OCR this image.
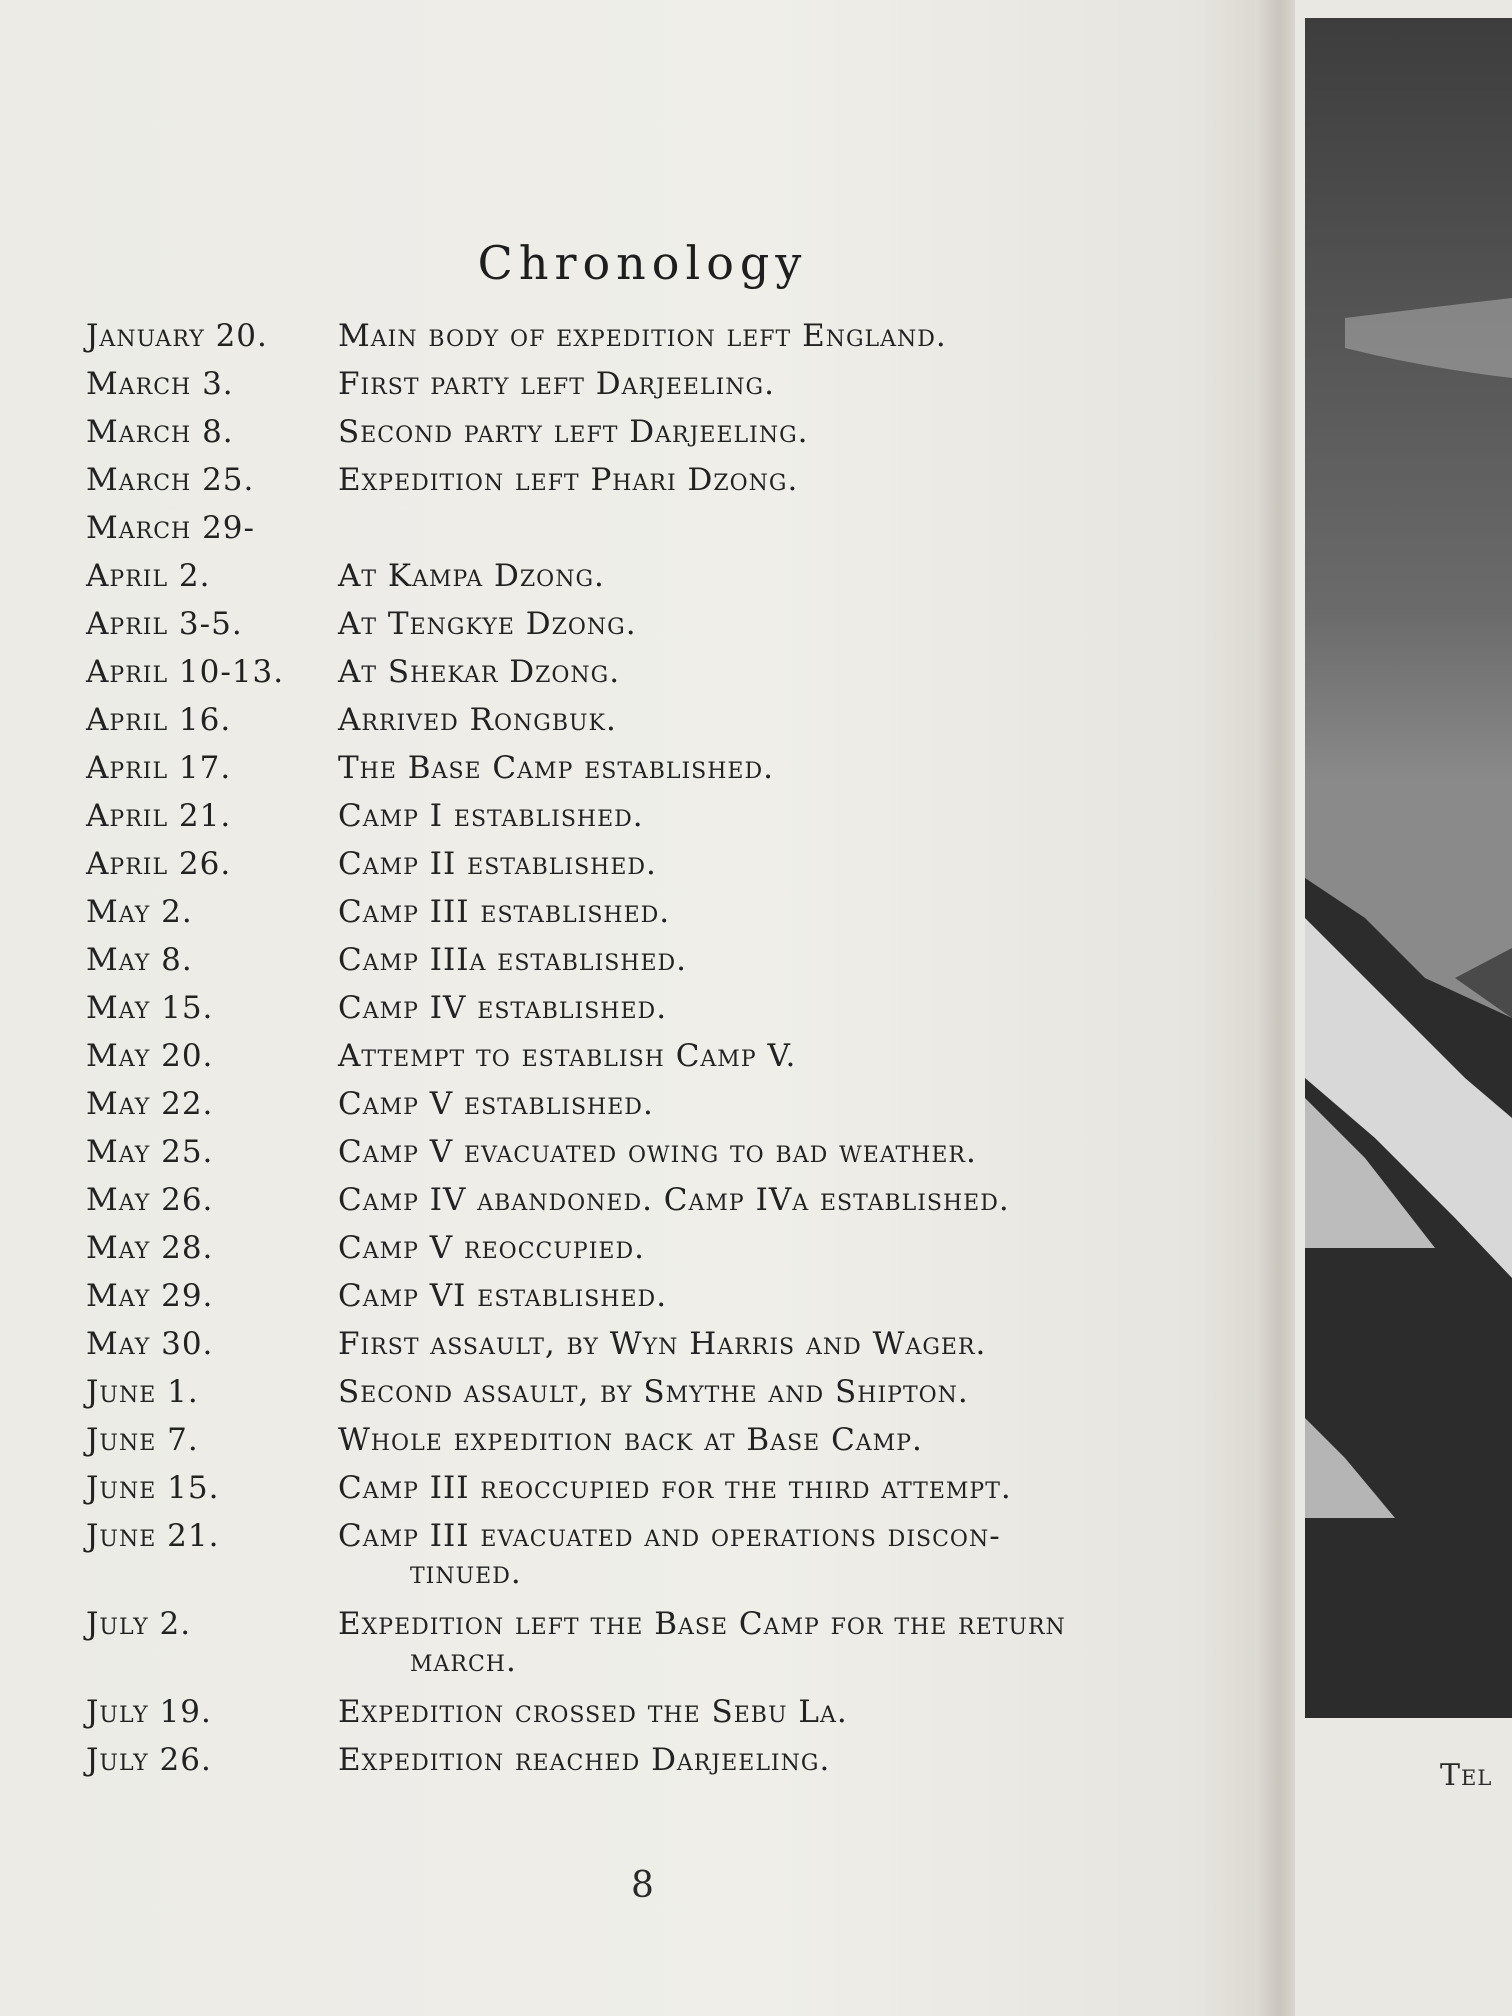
Chronology
January 20.	Main body of expedition left England.
March 3.	First party left Darjeeling.
March 8.	Second party left Darjeeling.
March 25.	Expedition left Phari Dzong.
March 29-
April 2.	At Kampa Dzong.
April 3-5.	At Tengkye Dzong.
April 10-13.	At Shekar Dzong.
April 16.	Arrived Rongbuk.
April 17.	The Base Camp established.
April 21.	Camp I established.
April 26.	Camp II established.
May 2.	Camp III established.
May 8.	Camp IIIa established.
May 15.	Camp IV established.
May 20.	Attempt to establish Camp V.
May 22.	Camp V established.
May 25.	Camp V evacuated owing to bad weather.
May 26.	Camp IV abandoned. Camp IVa established.
May 28.	Camp V reoccupied.
May 29.	Camp VI established.
May 30.	First assault, by Wyn Harris and Wager.
June 1.	Second assault, by Smythe and Shipton.
June 7.	Whole expedition back at Base Camp.
June 15.	Camp III reoccupied for the third attempt.
June 21.	Camp III evacuated and operations discon-
tinued.
July 2.	Expedition left the Base Camp for the return
march.
July 19.	Expedition crossed the Sebu La.
July 26.	Expedition reached Darjeeling.
8
Tel
